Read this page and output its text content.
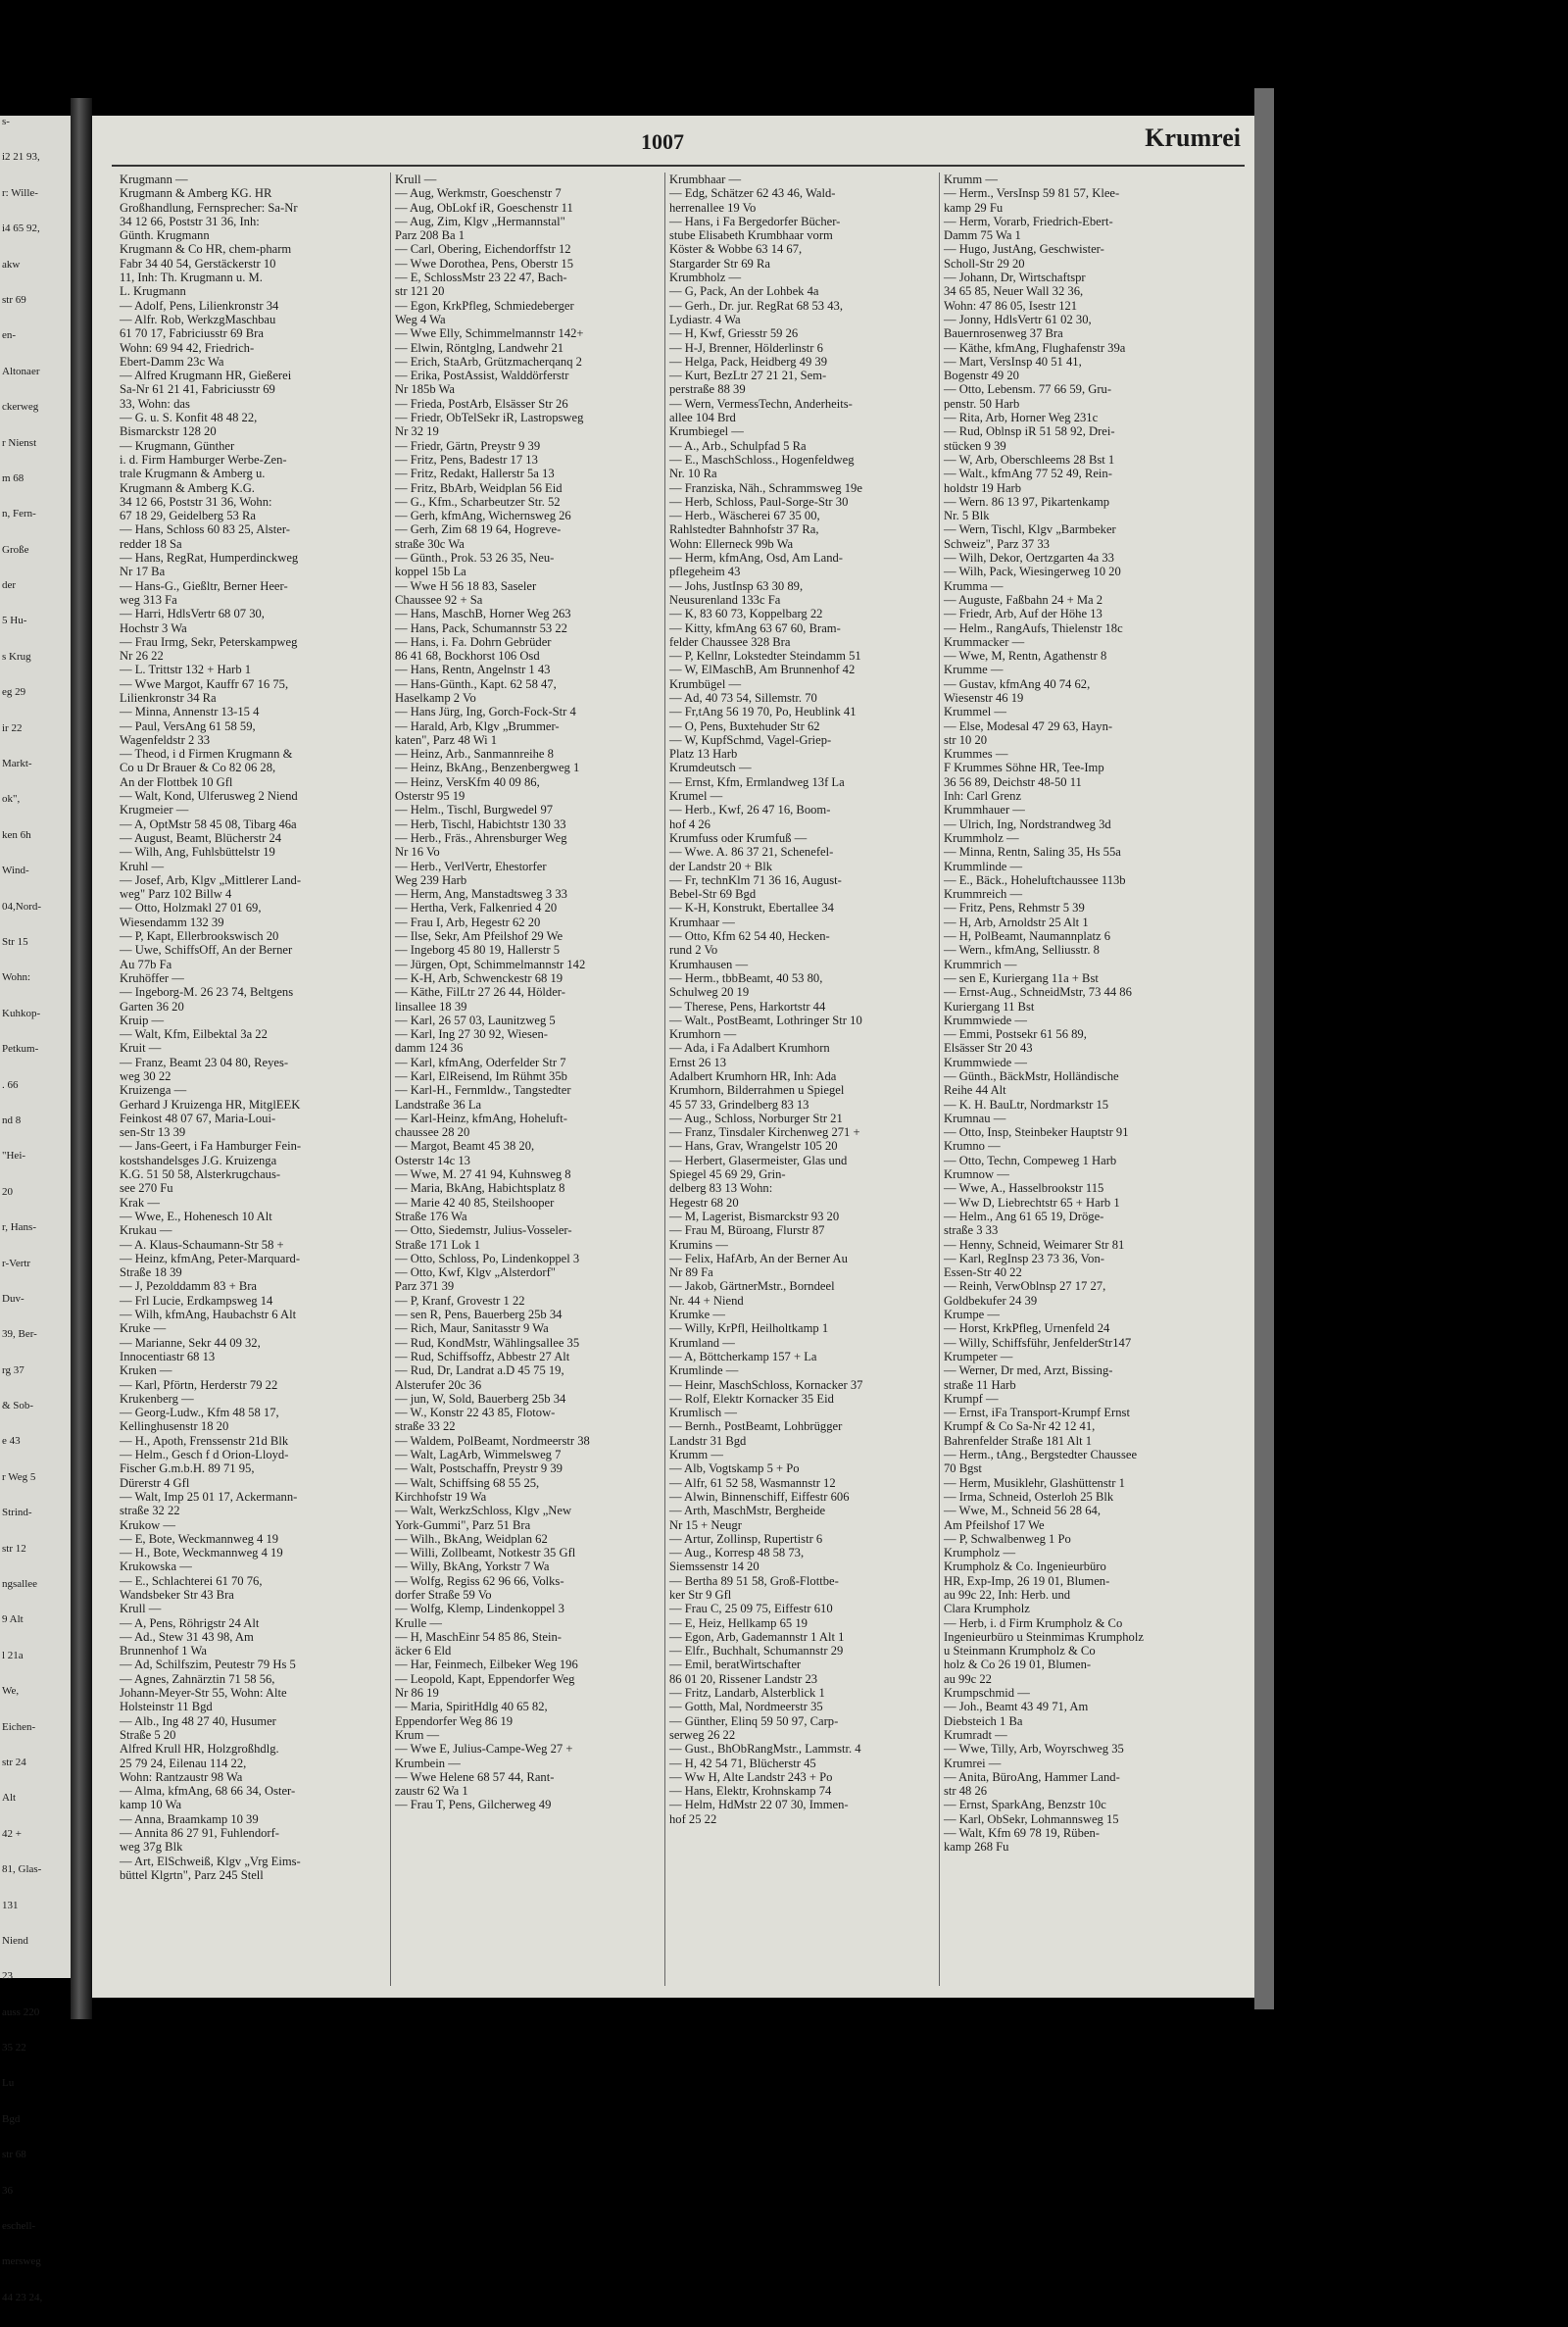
s-
i2 21 93,
r: Wille-
i4 65 92,
akw
str 69
en-
Altonaer
ckerweg
r Nienst
m 68
n, Fern-
Große
der
5 Hu-
s Krug
eg 29
ir 22
Markt-
ok",
ken 6h
Wind-
04,Nord-
Str 15
Wohn:
Kuhkop-
Petkum-
. 66
nd 8
"Hei-
20
r, Hans-
r-Vertr
Duv-
39, Ber-
rg 37
& Sob-
e 43
r Weg 5
Strind-
str 12
ngsallee
9 Alt
l 21a
We,
Eichen-
str 24
Alt
42 +
81, Glas-
131
Niend
23
auss 220
35 22
Lu
Bgd
str 68
36
eschell-
mersweg
44 23 24,
1007	Krumrei
Krugmann —
Krugmann & Amberg KG. HR
Großhandlung, Fernsprecher: Sa-Nr
34 12 66, Poststr 31 36, Inh:
Günth. Krugmann
Krugmann & Co HR, chem-pharm
Fabr 34 40 54, Gerstäckerstr 10
11, Inh: Th. Krugmann u. M.
L. Krugmann
— Adolf, Pens, Lilienkronstr 34
— Alfr. Rob, WerkzgMaschbau
61 70 17, Fabriciusstr 69 Bra
Wohn: 69 94 42, Friedrich-
Ebert-Damm 23c Wa
— Alfred Krugmann HR, Gießerei
Sa-Nr 61 21 41, Fabriciusstr 69
33, Wohn: das
— G. u. S. Konfit 48 48 22,
Bismarckstr 128 20
— Krugmann, Günther
i. d. Firm Hamburger Werbe-Zen-
trale Krugmann & Amberg u.
Krugmann & Amberg K.G.
34 12 66, Poststr 31 36, Wohn:
67 18 29, Geidelberg 53 Ra
— Hans, Schloss 60 83 25, Alster-
redder 18 Sa
— Hans, RegRat, Humperdinckweg
Nr 17 Ba
— Hans-G., Gießltr, Berner Heer-
weg 313 Fa
— Harri, HdlsVertr 68 07 30,
Hochstr 3 Wa
— Frau Irmg, Sekr, Peterskampweg
Nr 26 22
— L. Trittstr 132 + Harb 1
— Wwe Margot, Kauffr 67 16 75,
Lilienkronstr 34 Ra
— Minna, Annenstr 13-15 4
— Paul, VersAng 61 58 59,
Wagenfeldstr 2 33
— Theod, i d Firmen Krugmann &
Co u Dr Brauer & Co 82 06 28,
An der Flottbek 10 Gfl
— Walt, Kond, Ulferusweg 2 Niend
Krugmeier —
— A, OptMstr 58 45 08, Tibarg 46a
— August, Beamt, Blücherstr 24
— Wilh, Ang, Fuhlsbüttelstr 19
Kruhl —
— Josef, Arb, Klgv „Mittlerer Land-
weg" Parz 102 Billw 4
— Otto, Holzmakl 27 01 69,
Wiesendamm 132 39
— P, Kapt, Ellerbrookswisch 20
— Uwe, SchiffsOff, An der Berner
Au 77b Fa
Kruhöffer —
— Ingeborg-M. 26 23 74, Beltgens
Garten 36 20
Kruip —
— Walt, Kfm, Eilbektal 3a 22
Kruit —
— Franz, Beamt 23 04 80, Reyes-
weg 30 22
Kruizenga —
Gerhard J Kruizenga HR, MitglEEK
Feinkost 48 07 67, Maria-Loui-
sen-Str 13 39
— Jans-Geert, i Fa Hamburger Fein-
kostshandelsges J.G. Kruizenga
K.G. 51 50 58, Alsterkrugchaus-
see 270 Fu
Krak —
— Wwe, E., Hohenesch 10 Alt
Krukau —
— A. Klaus-Schaumann-Str 58 +
— Heinz, kfmAng, Peter-Marquard-
Straße 18 39
— J, Pezolddamm 83 + Bra
— Frl Lucie, Erdkampsweg 14
— Wilh, kfmAng, Haubachstr 6 Alt
Kruke —
— Marianne, Sekr 44 09 32,
Innocentiastr 68 13
Kruken —
— Karl, Pförtn, Herderstr 79 22
Krukenberg —
— Georg-Ludw., Kfm 48 58 17,
Kellinghusenstr 18 20
— H., Apoth, Frenssenstr 21d Blk
— Helm., Gesch f d Orion-Lloyd-
Fischer G.m.b.H. 89 71 95,
Dürerstr 4 Gfl
— Walt, Imp 25 01 17, Ackermann-
straße 32 22
Krukow —
— E, Bote, Weckmannweg 4 19
— H., Bote, Weckmannweg 4 19
Krukowska —
— E., Schlachterei 61 70 76,
Wandsbeker Str 43 Bra
Krull —
— A, Pens, Röhrigstr 24 Alt
— Ad., Stew 31 43 98, Am
Brunnenhof 1 Wa
— Ad, Schilfszim, Peutestr 79 Hs 5
— Agnes, Zahnärztin 71 58 56,
Johann-Meyer-Str 55, Wohn: Alte
Holsteinstr 11 Bgd
— Alb., Ing 48 27 40, Husumer
Straße 5 20
Alfred Krull HR, Holzgroßhdlg.
25 79 24, Eilenau 114 22,
Wohn: Rantzaustr 98 Wa
— Alma, kfmAng, 68 66 34, Oster-
kamp 10 Wa
— Anna, Braamkamp 10 39
— Annita 86 27 91, Fuhlendorf-
weg 37g Blk
— Art, ElSchweiß, Klgv „Vrg Eims-
büttel Klgrtn", Parz 245 Stell
Krull —
— Aug, Werkmstr, Goeschenstr 7
— Aug, ObLokf iR, Goeschenstr 11
— Aug, Zim, Klgv „Hermannstal"
Parz 208 Ba 1
— Carl, Obering, Eichendorffstr 12
— Wwe Dorothea, Pens, Oberstr 15
— E, SchlossMstr 23 22 47, Bach-
str 121 20
— Egon, KrkPfleg, Schmiedeberger
Weg 4 Wa
— Wwe Elly, Schimmelmannstr 142+
— Elwin, Röntglng, Landwehr 21
— Erich, StaArb, Grützmacherqanq 2
— Erika, PostAssist, Walddörferstr
Nr 185b Wa
— Frieda, PostArb, Elsässer Str 26
— Friedr, ObTelSekr iR, Lastropsweg
Nr 32 19
— Friedr, Gärtn, Preystr 9 39
— Fritz, Pens, Badestr 17 13
— Fritz, Redakt, Hallerstr 5a 13
— Fritz, BbArb, Weidplan 56 Eid
— G., Kfm., Scharbeutzer Str. 52
— Gerh, kfmAng, Wichernsweg 26
— Gerh, Zim 68 19 64, Hogreve-
straße 30c Wa
— Günth., Prok. 53 26 35, Neu-
koppel 15b La
— Wwe H 56 18 83, Saseler
Chaussee 92 + Sa
— Hans, MaschB, Horner Weg 263
— Hans, Pack, Schumannstr 53 22
— Hans, i. Fa. Dohrn Gebrüder
86 41 68, Bockhorst 106 Osd
— Hans, Rentn, Angelnstr 1 43
— Hans-Günth., Kapt. 62 58 47,
Haselkamp 2 Vo
— Hans Jürg, Ing, Gorch-Fock-Str 4
— Harald, Arb, Klgv „Brummer-
katen", Parz 48 Wi 1
— Heinz, Arb., Sanmannreihe 8
— Heinz, BkAng., Benzenbergweg 1
— Heinz, VersKfm 40 09 86,
Osterstr 95 19
— Helm., Tischl, Burgwedel 97
— Herb, Tischl, Habichtstr 130 33
— Herb., Fräs., Ahrensburger Weg
Nr 16 Vo
— Herb., VerlVertr, Ehestorfer
Weg 239 Harb
— Herm, Ang, Manstadtsweg 3 33
— Hertha, Verk, Falkenried 4 20
— Frau I, Arb, Hegestr 62 20
— Ilse, Sekr, Am Pfeilshof 29 We
— Ingeborg 45 80 19, Hallerstr 5
— Jürgen, Opt, Schimmelmannstr 142
— K-H, Arb, Schwenckestr 68 19
— Käthe, FilLtr 27 26 44, Hölder-
linsallee 18 39
— Karl, 26 57 03, Launitzweg 5
— Karl, Ing 27 30 92, Wiesen-
damm 124 36
— Karl, kfmAng, Oderfelder Str 7
— Karl, ElReisend, Im Rühmt 35b
— Karl-H., Fernmldw., Tangstedter
Landstraße 36 La
— Karl-Heinz, kfmAng, Hoheluft-
chaussee 28 20
— Margot, Beamt 45 38 20,
Osterstr 14c 13
— Wwe, M. 27 41 94, Kuhnsweg 8
— Maria, BkAng, Habichtsplatz 8
— Marie 42 40 85, Steilshooper
Straße 176 Wa
— Otto, Siedemstr, Julius-Vosseler-
Straße 171 Lok 1
— Otto, Schloss, Po, Lindenkoppel 3
— Otto, Kwf, Klgv „Alsterdorf"
Parz 371 39
— P, Kranf, Grovestr 1 22
— sen R, Pens, Bauerberg 25b 34
— Rich, Maur, Sanitasstr 9 Wa
— Rud, KondMstr, Wählingsallee 35
— Rud, Schiffsoffz, Abbestr 27 Alt
— Rud, Dr, Landrat a.D 45 75 19,
Alsterufer 20c 36
— jun, W, Sold, Bauerberg 25b 34
— W., Konstr 22 43 85, Flotow-
straße 33 22
— Waldem, PolBeamt, Nordmeerstr 38
— Walt, LagArb, Wimmelsweg 7
— Walt, Postschaffn, Preystr 9 39
— Walt, Schiffsing 68 55 25,
Kirchhofstr 19 Wa
— Walt, WerkzSchloss, Klgv „New
York-Gummi", Parz 51 Bra
— Wilh., BkAng, Weidplan 62
— Willi, Zollbeamt, Notkestr 35 Gfl
— Willy, BkAng, Yorkstr 7 Wa
— Wolfg, Regiss 62 96 66, Volks-
dorfer Straße 59 Vo
— Wolfg, Klemp, Lindenkoppel 3
Krulle —
— H, MaschEinr 54 85 86, Stein-
äcker 6 Eld
— Har, Feinmech, Eilbeker Weg 196
— Leopold, Kapt, Eppendorfer Weg
Nr 86 19
— Maria, SpiritHdlg 40 65 82,
Eppendorfer Weg 86 19
Krum —
— Wwe E, Julius-Campe-Weg 27 +
Krumbein —
— Wwe Helene 68 57 44, Rant-
zaustr 62 Wa 1
— Frau T, Pens, Gilcherweg 49
Krumbhaar —
— Edg, Schätzer 62 43 46, Wald-
herrenallee 19 Vo
— Hans, i Fa Bergedorfer Bücher-
stube Elisabeth Krumbhaar vorm
Köster & Wobbe 63 14 67,
Stargarder Str 69 Ra
Krumbholz —
— G, Pack, An der Lohbek 4a
— Gerh., Dr. jur. RegRat 68 53 43,
Lydiastr. 4 Wa
— H, Kwf, Griesstr 59 26
— H-J, Brenner, Hölderlinstr 6
— Helga, Pack, Heidberg 49 39
— Kurt, BezLtr 27 21 21, Sem-
perstraße 88 39
— Wern, VermessTechn, Anderheits-
allee 104 Brd
Krumbiegel —
— A., Arb., Schulpfad 5 Ra
— E., MaschSchloss., Hogenfeldweg
Nr. 10 Ra
— Franziska, Näh., Schrammsweg 19e
— Herb, Schloss, Paul-Sorge-Str 30
— Herb., Wäscherei 67 35 00,
Rahlstedter Bahnhofstr 37 Ra,
Wohn: Ellerneck 99b Wa
— Herm, kfmAng, Osd, Am Land-
pflegeheim 43
— Johs, JustInsp 63 30 89,
Neusurenland 133c Fa
— K, 83 60 73, Koppelbarg 22
— Kitty, kfmAng 63 67 60, Bram-
felder Chaussee 328 Bra
— P, Kellnr, Lokstedter Steindamm 51
— W, ElMaschB, Am Brunnenhof 42
Krumbügel —
— Ad, 40 73 54, Sillemstr. 70
— Fr,tAng 56 19 70, Po, Heublink 41
— O, Pens, Buxtehuder Str 62
— W, KupfSchmd, Vagel-Griep-
Platz 13 Harb
Krumdeutsch —
— Ernst, Kfm, Ermlandweg 13f La
Krumel —
— Herb., Kwf, 26 47 16, Boom-
hof 4 26
Krumfuss oder Krumfuß —
— Wwe. A. 86 37 21, Schenefel-
der Landstr 20 + Blk
— Fr, technKlm 71 36 16, August-
Bebel-Str 69 Bgd
— K-H, Konstrukt, Ebertallee 34
Krumhaar —
— Otto, Kfm 62 54 40, Hecken-
rund 2 Vo
Krumhausen —
— Herm., tbbBeamt, 40 53 80,
Schulweg 20 19
— Therese, Pens, Harkortstr 44
— Walt., PostBeamt, Lothringer Str 10
Krumhorn —
— Ada, i Fa Adalbert Krumhorn
Ernst 26 13
Adalbert Krumhorn HR, Inh: Ada
Krumhorn, Bilderrahmen u Spiegel
45 57 33, Grindelberg 83 13
— Aug., Schloss, Norburger Str 21
— Franz, Tinsdaler Kirchenweg 271 +
— Hans, Grav, Wrangelstr 105 20
— Herbert, Glasermeister, Glas und
Spiegel 45 69 29, Grin-
delberg 83 13 Wohn:
Hegestr 68 20
— M, Lagerist, Bismarckstr 93 20
— Frau M, Büroang, Flurstr 87
Krumins —
— Felix, HafArb, An der Berner Au
Nr 89 Fa
— Jakob, GärtnerMstr., Borndeel
Nr. 44 + Niend
Krumke —
— Willy, KrPfl, Heilholtkamp 1
Krumland —
— A, Böttcherkamp 157 + La
Krumlinde —
— Heinr, MaschSchloss, Kornacker 37
— Rolf, Elektr Kornacker 35 Eid
Krumlisch —
— Bernh., PostBeamt, Lohbrügger
Landstr 31 Bgd
Krumm —
— Alb, Vogtskamp 5 + Po
— Alfr, 61 52 58, Wasmannstr 12
— Alwin, Binnenschiff, Eiffestr 606
— Arth, MaschMstr, Bergheide
Nr 15 + Neugr
— Artur, Zollinsp, Rupertistr 6
— Aug., Korresp 48 58 73,
Siemssenstr 14 20
— Bertha 89 51 58, Groß-Flottbe-
ker Str 9 Gfl
— Frau C, 25 09 75, Eiffestr 610
— E, Heiz, Hellkamp 65 19
— Egon, Arb, Gademannstr 1 Alt 1
— Elfr., Buchhalt, Schumannstr 29
— Emil, beratWirtschafter
86 01 20, Rissener Landstr 23
— Fritz, Landarb, Alsterblick 1
— Gotth, Mal, Nordmeerstr 35
— Günther, Elinq 59 50 97, Carp-
serweg 26 22
— Gust., BhObRangMstr., Lammstr. 4
— H, 42 54 71, Blücherstr 45
— Ww H, Alte Landstr 243 + Po
— Hans, Elektr, Krohnskamp 74
— Helm, HdMstr 22 07 30, Immen-
hof 25 22
Krumm —
— Herm., VersInsp 59 81 57, Klee-
kamp 29 Fu
— Herm, Vorarb, Friedrich-Ebert-
Damm 75 Wa 1
— Hugo, JustAng, Geschwister-
Scholl-Str 29 20
— Johann, Dr, Wirtschaftspr
34 65 85, Neuer Wall 32 36,
Wohn: 47 86 05, Isestr 121
— Jonny, HdlsVertr 61 02 30,
Bauernrosenweg 37 Bra
— Käthe, kfmAng, Flughafenstr 39a
— Mart, VersInsp 40 51 41,
Bogenstr 49 20
— Otto, Lebensm. 77 66 59, Gru-
penstr. 50 Harb
— Rita, Arb, Horner Weg 231c
— Rud, Oblnsp iR 51 58 92, Drei-
stücken 9 39
— W, Arb, Oberschleems 28 Bst 1
— Walt., kfmAng 77 52 49, Rein-
holdstr 19 Harb
— Wern. 86 13 97, Pikartenkamp
Nr. 5 Blk
— Wern, Tischl, Klgv „Barmbeker
Schweiz", Parz 37 33
— Wilh, Dekor, Oertzgarten 4a 33
— Wilh, Pack, Wiesingerweg 10 20
Krumma —
— Auguste, Faßbahn 24 + Ma 2
— Friedr, Arb, Auf der Höhe 13
— Helm., RangAufs, Thielenstr 18c
Krummacker —
— Wwe, M, Rentn, Agathenstr 8
Krumme —
— Gustav, kfmAng 40 74 62,
Wiesenstr 46 19
Krummel —
— Else, Modesal 47 29 63, Hayn-
str 10 20
Krummes —
F Krummes Söhne HR, Tee-Imp
36 56 89, Deichstr 48-50 11
Inh: Carl Grenz
Krummhauer —
— Ulrich, Ing, Nordstrandweg 3d
Krummholz —
— Minna, Rentn, Saling 35, Hs 55a
Krummlinde —
— E., Bäck., Hoheluftchaussee 113b
Krummreich —
— Fritz, Pens, Rehmstr 5 39
— H, Arb, Arnoldstr 25 Alt 1
— H, PolBeamt, Naumannplatz 6
— Wern., kfmAng, Selliusstr. 8
Krummrich —
— sen E, Kuriergang 11a + Bst
— Ernst-Aug., SchneidMstr, 73 44 86
Kuriergang 11 Bst
Krummwiede —
— Emmi, Postsekr 61 56 89,
Elsässer Str 20 43
Krummwiede —
— Günth., BäckMstr, Holländische
Reihe 44 Alt
— K. H. BauLtr, Nordmarkstr 15
Krumnau —
— Otto, Insp, Steinbeker Hauptstr 91
Krumno —
— Otto, Techn, Compeweg 1 Harb
Krumnow —
— Wwe, A., Hasselbrookstr 115
— Ww D, Liebrechtstr 65 + Harb 1
— Helm., Ang 61 65 19, Dröge-
straße 3 33
— Henny, Schneid, Weimarer Str 81
— Karl, RegInsp 23 73 36, Von-
Essen-Str 40 22
— Reinh, VerwOblnsp 27 17 27,
Goldbekufer 24 39
Krumpe —
— Horst, KrkPfleg, Urnenfeld 24
— Willy, Schiffsführ, JenfelderStr147
Krumpeter —
— Werner, Dr med, Arzt, Bissing-
straße 11 Harb
Krumpf —
— Ernst, iFa Transport-Krumpf Ernst
Krumpf & Co Sa-Nr 42 12 41,
Bahrenfelder Straße 181 Alt 1
— Herm., tAng., Bergstedter Chaussee
70 Bgst
— Herm, Musiklehr, Glashüttenstr 1
— Irma, Schneid, Osterloh 25 Blk
— Wwe, M., Schneid 56 28 64,
Am Pfeilshof 17 We
— P, Schwalbenweg 1 Po
Krumpholz —
Krumpholz & Co. Ingenieurbüro
HR, Exp-Imp, 26 19 01, Blumen-
au 99c 22, Inh: Herb. und
Clara Krumpholz
— Herb, i. d Firm Krumpholz & Co
Ingenieurbüro u Steinmimas Krumpholz
u Steinmann Krumpholz & Co
holz & Co 26 19 01, Blumen-
au 99c 22
Krumpschmid —
— Joh., Beamt 43 49 71, Am
Diebsteich 1 Ba
Krumradt —
— Wwe, Tilly, Arb, Woyrschweg 35
Krumrei —
— Anita, BüroAng, Hammer Land-
str 48 26
— Ernst, SparkAng, Benzstr 10c
— Karl, ObSekr, Lohmannsweg 15
— Walt, Kfm 69 78 19, Rüben-
kamp 268 Fu
